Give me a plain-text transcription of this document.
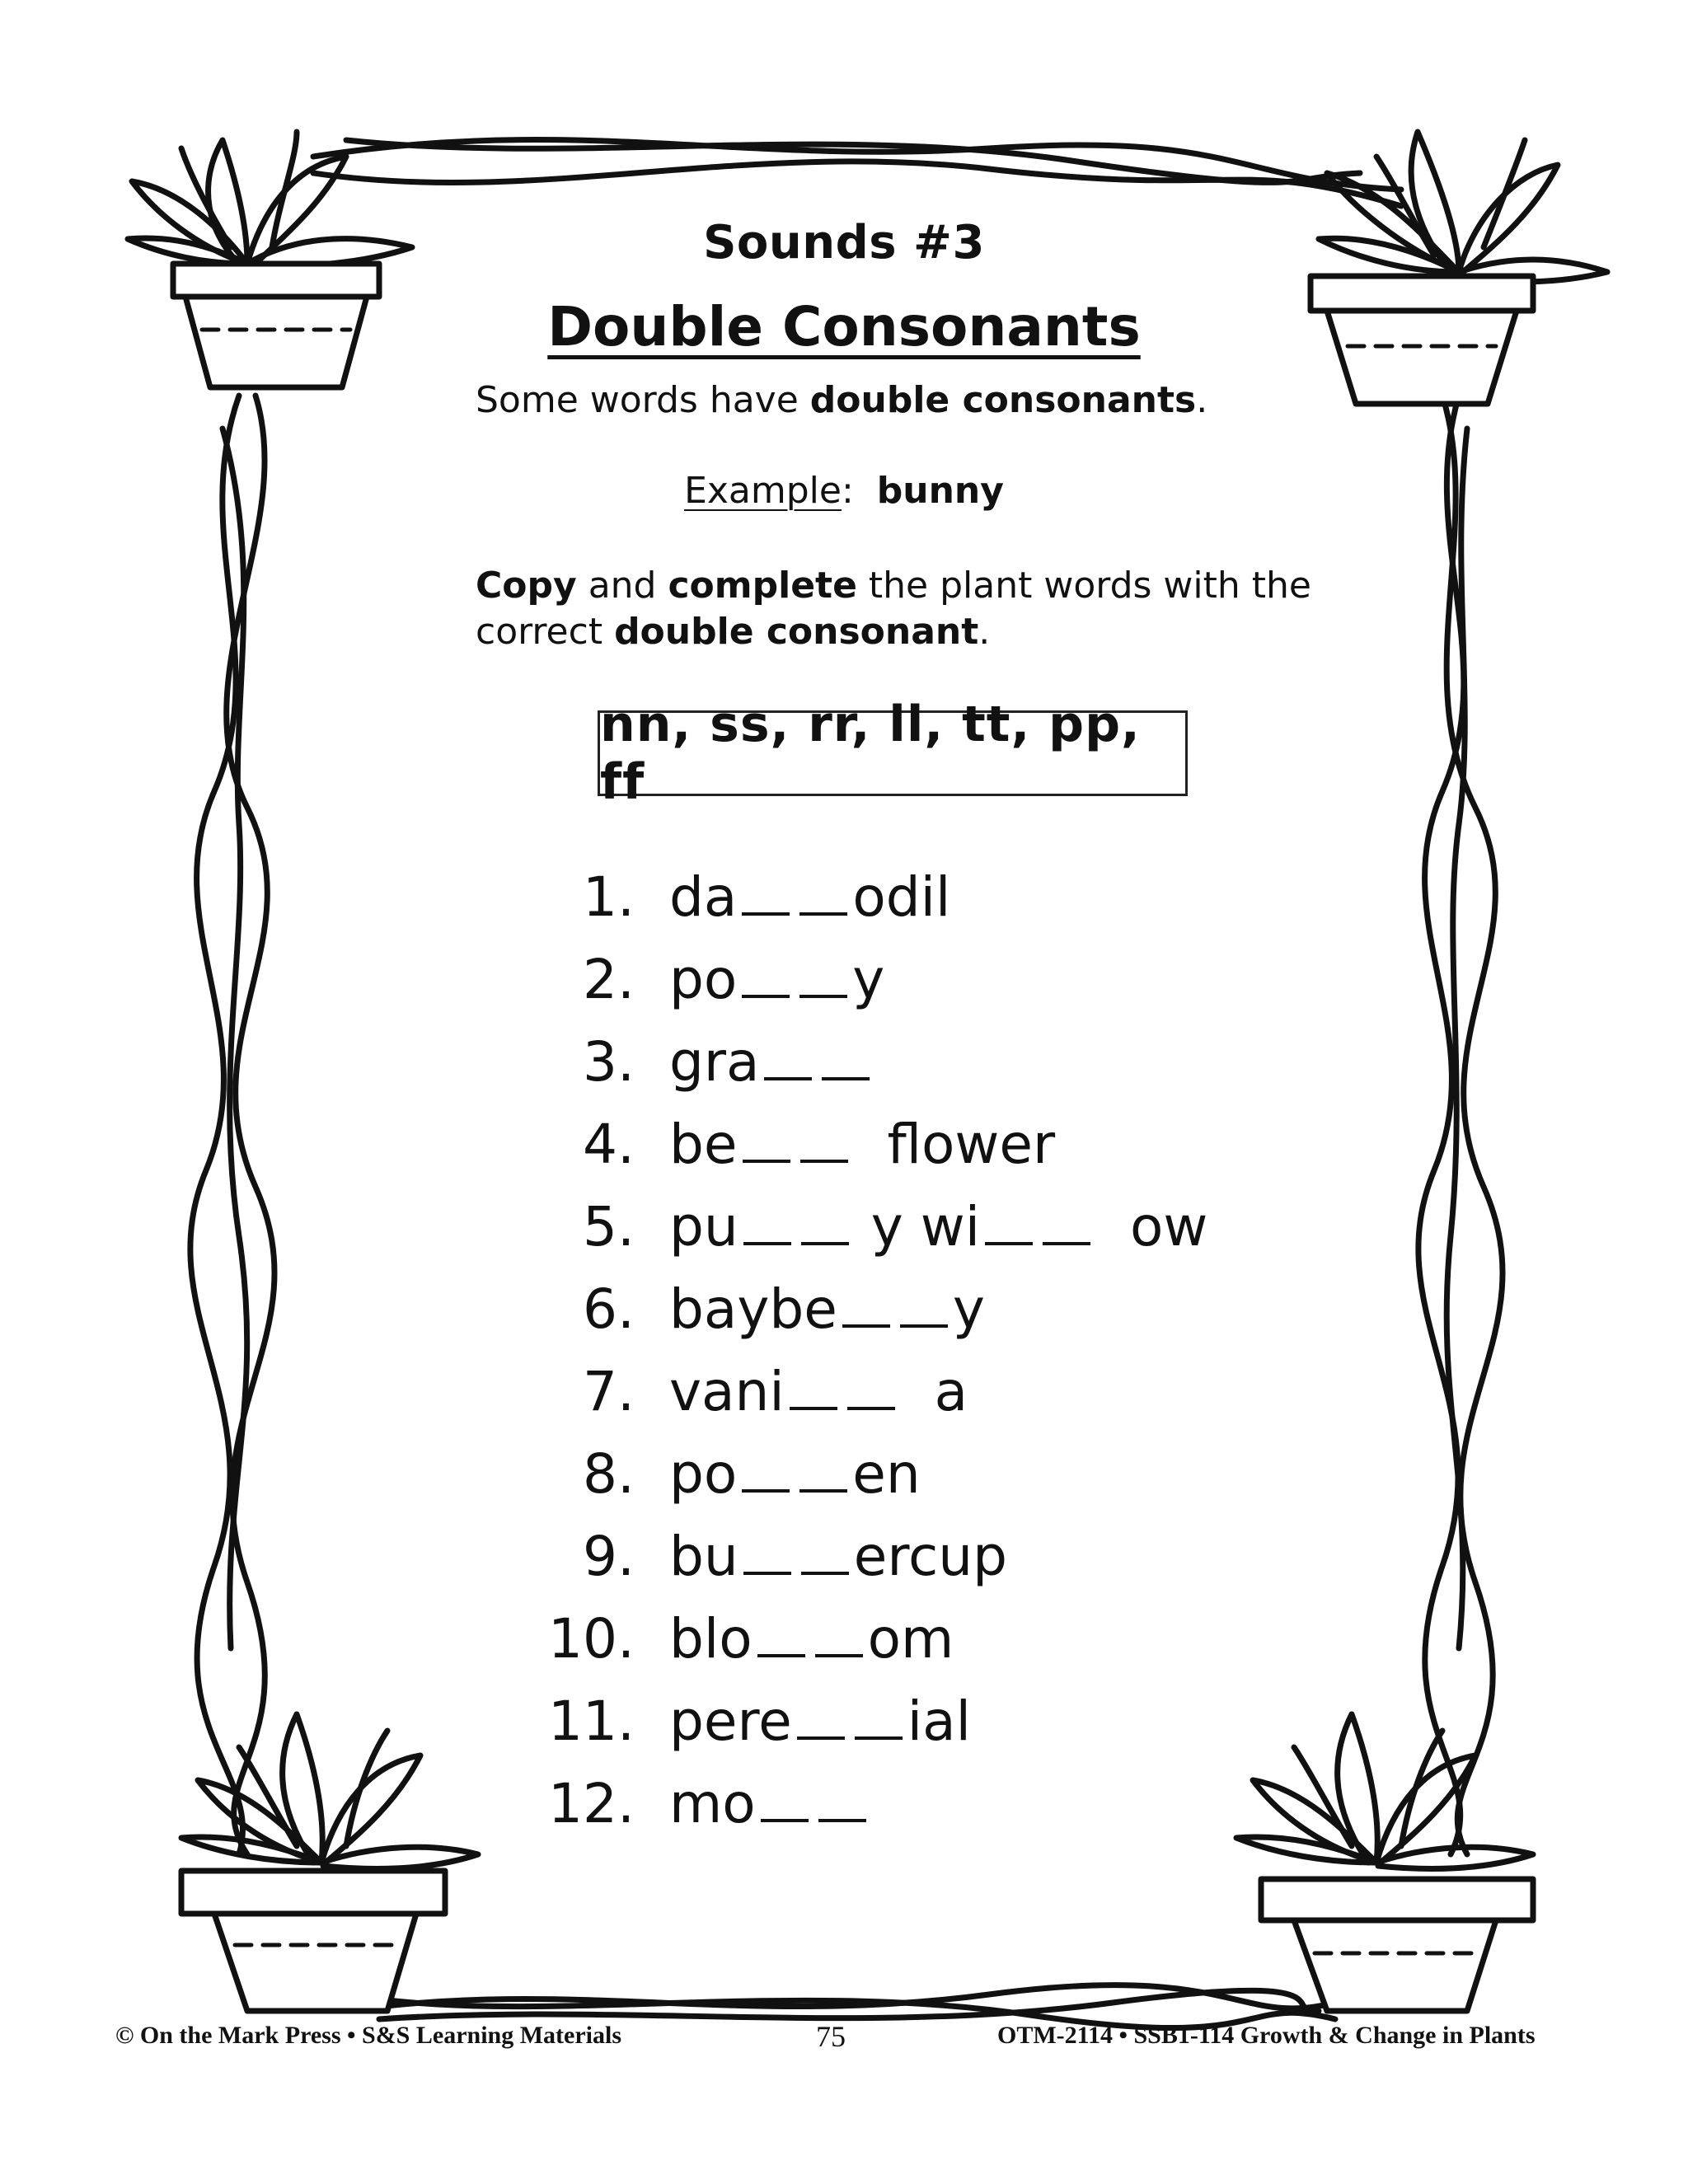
Sounds #3
Double Consonants
Some words have double consonants.
Example: bunny
Copy and complete the plant words with the correct double consonant.
nn, ss, rr, ll, tt, pp, ff
1. da odil
2. po y
3. gra
4. be	flower
5. pu y wi	ow
6. baybe y
7. vani	a
8. po en
9. bu ercup
10. blo om
11. pere ial
12. mo
© On the Mark Press • S&S Learning Materials	75	OTM-2114 • SSB1-114 Growth & Change in Plants
